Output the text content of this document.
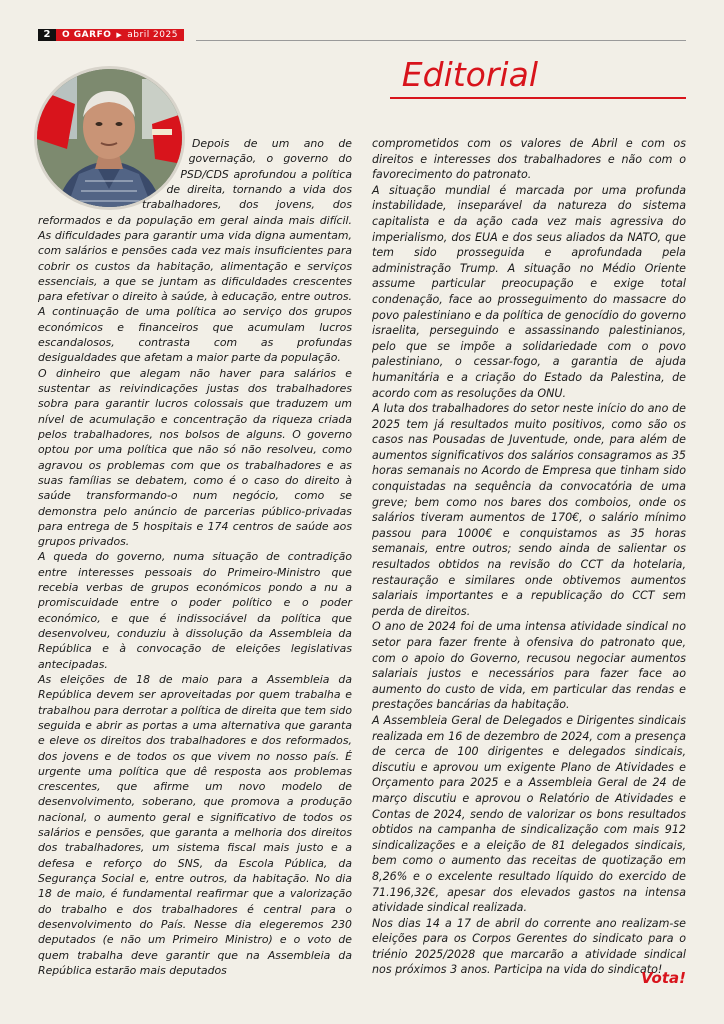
2	O GARFO ▶ abril 2025
Editorial

Depois de um ano de governação, o governo do PSD/CDS aprofundou a política de direita, tornando a vida dos trabalhadores, dos jovens, dos reformados e da população em geral ainda mais difícil. As dificuldades para garantir uma vida digna aumentam, com salários e pensões cada vez mais insuficientes para cobrir os custos da habitação, alimentação e serviços essenciais, a que se juntam as dificuldades crescentes para efetivar o direito à saúde, à educação, entre outros. A continuação de uma política ao serviço dos grupos económicos e financeiros que acumulam lucros escandalosos, contrasta com as profundas desigualdades que afetam a maior parte da população.

O dinheiro que alegam não haver para salários e sustentar as reivindicações justas dos trabalhadores sobra para garantir lucros colossais que traduzem um nível de acumulação e concentração da riqueza criada pelos trabalhadores, nos bolsos de alguns. O governo optou por uma política que não só não resolveu, como agravou os problemas com que os trabalhadores e as suas famílias se debatem, como é o caso do direito à saúde transformando-o num negócio, como se demonstra pelo anúncio de parcerias público-privadas para entrega de 5 hospitais e 174 centros de saúde aos grupos privados.

A queda do governo, numa situação de contradição entre interesses pessoais do Primeiro-Ministro que recebia verbas de grupos económicos pondo a nu a promiscuidade entre o poder político e o poder económico, e que é indissociável da política que desenvolveu, conduziu à dissolução da Assembleia da República e à convocação de eleições legislativas antecipadas.

As eleições de 18 de maio para a Assembleia da República devem ser aproveitadas por quem trabalha e trabalhou para derrotar a política de direita que tem sido seguida e abrir as portas a uma alternativa que garanta e eleve os direitos dos trabalhadores e dos reformados, dos jovens e de todos os que vivem no nosso país. É urgente uma política que dê resposta aos problemas crescentes, que afirme um novo modelo de desenvolvimento, soberano, que promova a produção nacional, o aumento geral e significativo de todos os salários e pensões, que garanta a melhoria dos direitos dos trabalhadores, um sistema fiscal mais justo e a defesa e reforço do SNS, da Escola Pública, da Segurança Social e, entre outros, da habitação. No dia 18 de maio, é fundamental reafirmar que a valorização do trabalho e dos trabalhadores é central para o desenvolvimento do País. Nesse dia elegeremos 230 deputados (e não um Primeiro Ministro) e o voto de quem trabalha deve garantir que na Assembleia da República estarão mais deputados

comprometidos com os valores de Abril e com os direitos e interesses dos trabalhadores e não com o favorecimento do patronato.

A situação mundial é marcada por uma profunda instabilidade, inseparável da natureza do sistema capitalista e da ação cada vez mais agressiva do imperialismo, dos EUA e dos seus aliados da NATO, que tem sido prosseguida e aprofundada pela administração Trump. A situação no Médio Oriente assume particular preocupação e exige total condenação, face ao prosseguimento do massacre do povo palestiniano e da política de genocídio do governo israelita, perseguindo e assassinando palestinianos, pelo que se impõe a solidariedade com o povo palestiniano, o cessar-fogo, a garantia de ajuda humanitária e a criação do Estado da Palestina, de acordo com as resoluções da ONU.

A luta dos trabalhadores do setor neste início do ano de 2025 tem já resultados muito positivos, como são os casos nas Pousadas de Juventude, onde, para além de aumentos significativos dos salários consagramos as 35 horas semanais no Acordo de Empresa que tinham sido conquistadas na sequência da convocatória de uma greve; bem como nos bares dos comboios, onde os salários tiveram aumentos de 170€, o salário mínimo passou para 1000€ e conquistamos as 35 horas semanais, entre outros; sendo ainda de salientar os resultados obtidos na revisão do CCT da hotelaria, restauração e similares onde obtivemos aumentos salariais importantes e a republicação do CCT sem perda de direitos.

O ano de 2024 foi de uma intensa atividade sindical no setor para fazer frente à ofensiva do patronato que, com o apoio do Governo, recusou negociar aumentos salariais justos e necessários para fazer face ao aumento do custo de vida, em particular das rendas e prestações bancárias da habitação.

A Assembleia Geral de Delegados e Dirigentes sindicais realizada em 16 de dezembro de 2024, com a presença de cerca de 100 dirigentes e delegados sindicais, discutiu e aprovou um exigente Plano de Atividades e Orçamento para 2025 e a Assembleia Geral de 24 de março discutiu e aprovou o Relatório de Atividades e Contas de 2024, sendo de valorizar os bons resultados obtidos na campanha de sindicalização com mais 912 sindicalizações e a eleição de 81 delegados sindicais, bem como o aumento das receitas de quotização em 8,26% e o excelente resultado líquido do exercido de 71.196,32€, apesar dos elevados gastos na intensa atividade sindical realizada.

Nos dias 14 a 17 de abril do corrente ano realizam-se eleições para os Corpos Gerentes do sindicato para o triénio 2025/2028 que marcarão a atividade sindical nos próximos 3 anos. Participa na vida do sindicato!

Vota!
